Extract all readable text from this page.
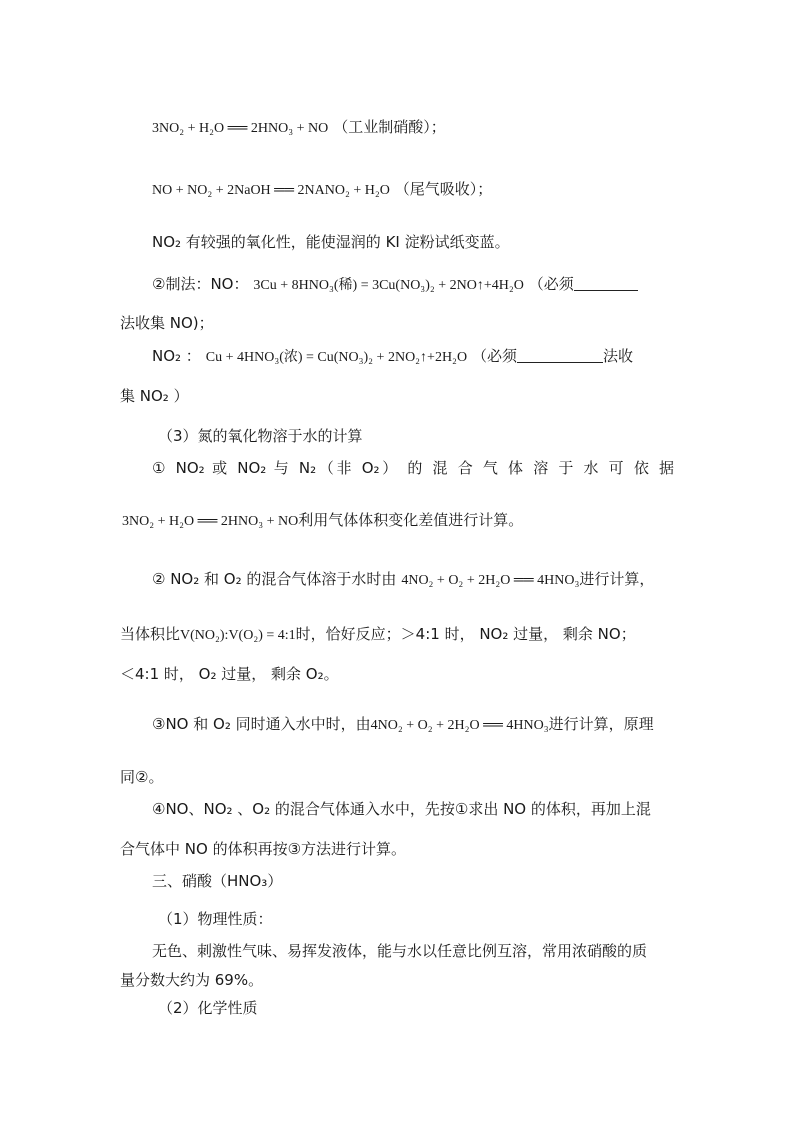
3NO₂ + H₂O ══ 2HNO₃ + NO （工业制硝酸）；
NO + NO₂ + 2NaOH ══ 2NANO₂ + H₂O （尾气吸收）；
NO₂ 有较强的氧化性，能使湿润的 KI 淀粉试纸变蓝。
②制法：NO： 3Cu + 8HNO₃(稀) = 3Cu(NO₃)₂ + 2NO↑+4H₂O （必须
法收集 NO)；
NO₂ ： Cu + 4HNO₃(浓) = Cu(NO₃)₂ + 2NO₂↑+2H₂O （必须	法收
集 NO₂ ）
（3）氮的氧化物溶于水的计算
① NO₂ 或 NO₂ 与 N₂（非 O₂） 的 混 合 气 体 溶 于 水 可 依 据
3NO₂ + H₂O ══ 2HNO₃ + NO利用气体体积变化差值进行计算。
② NO₂ 和 O₂ 的混合气体溶于水时由 4NO₂ + O₂ + 2H₂O ══ 4HNO₃进行计算，
当体积比V(NO₂):V(O₂) = 4:1时，恰好反应；＞4:1 时， NO₂ 过量， 剩余 NO；
＜4:1 时， O₂ 过量， 剩余 O₂。
③NO 和 O₂ 同时通入水中时，由4NO₂ + O₂ + 2H₂O ══ 4HNO₃进行计算，原理
同②。
④NO、NO₂ 、O₂ 的混合气体通入水中，先按①求出 NO 的体积，再加上混
合气体中 NO 的体积再按③方法进行计算。
三、硝酸（HNO₃）
（1）物理性质：
无色、刺激性气味、易挥发液体，能与水以任意比例互溶，常用浓硝酸的质
量分数大约为 69%。
（2）化学性质
